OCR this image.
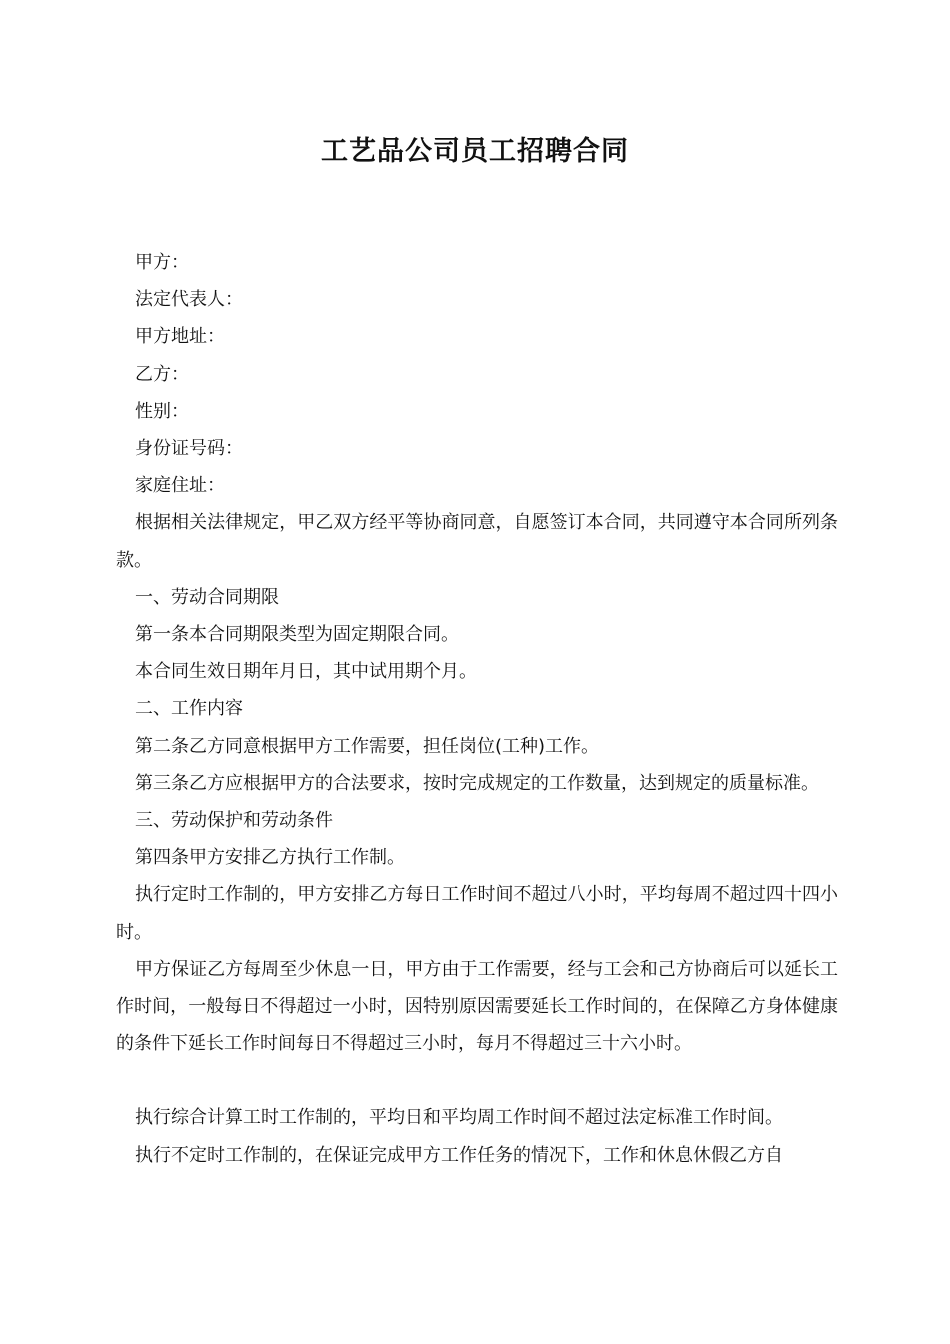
工艺品公司员工招聘合同

甲方：

法定代表人：

甲方地址：

乙方：

性别：

身份证号码：

家庭住址：

根据相关法律规定，甲乙双方经平等协商同意，自愿签订本合同，共同遵守本合同所列条款。

一、劳动合同期限

第一条本合同期限类型为固定期限合同。

本合同生效日期年月日，其中试用期个月。

二、工作内容

第二条乙方同意根据甲方工作需要，担任岗位(工种)工作。

第三条乙方应根据甲方的合法要求，按时完成规定的工作数量，达到规定的质量标准。

三、劳动保护和劳动条件

第四条甲方安排乙方执行工作制。

执行定时工作制的，甲方安排乙方每日工作时间不超过八小时，平均每周不超过四十四小时。

甲方保证乙方每周至少休息一日，甲方由于工作需要，经与工会和己方协商后可以延长工作时间，一般每日不得超过一小时，因特别原因需要延长工作时间的，在保障乙方身体健康的条件下延长工作时间每日不得超过三小时，每月不得超过三十六小时。

执行综合计算工时工作制的，平均日和平均周工作时间不超过法定标准工作时间。

执行不定时工作制的，在保证完成甲方工作任务的情况下，工作和休息休假乙方自
